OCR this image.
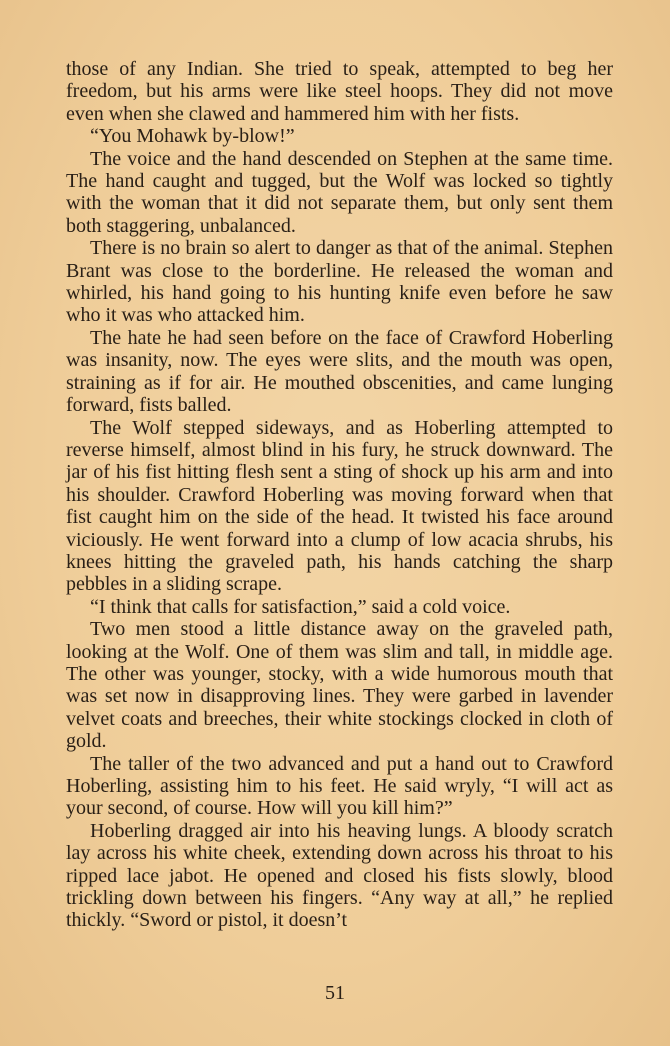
those of any Indian. She tried to speak, attempted to beg her freedom, but his arms were like steel hoops. They did not move even when she clawed and hammered him with her fists.

“You Mohawk by-blow!”

The voice and the hand descended on Stephen at the same time. The hand caught and tugged, but the Wolf was locked so tightly with the woman that it did not separate them, but only sent them both staggering, unbalanced.

There is no brain so alert to danger as that of the animal. Stephen Brant was close to the borderline. He released the woman and whirled, his hand going to his hunting knife even before he saw who it was who attacked him.

The hate he had seen before on the face of Crawford Hoberling was insanity, now. The eyes were slits, and the mouth was open, straining as if for air. He mouthed obscenities, and came lunging forward, fists balled.

The Wolf stepped sideways, and as Hoberling attempted to reverse himself, almost blind in his fury, he struck downward. The jar of his fist hitting flesh sent a sting of shock up his arm and into his shoulder. Crawford Hoberling was moving forward when that fist caught him on the side of the head. It twisted his face around viciously. He went forward into a clump of low acacia shrubs, his knees hitting the graveled path, his hands catching the sharp pebbles in a sliding scrape.

“I think that calls for satisfaction,” said a cold voice.

Two men stood a little distance away on the graveled path, looking at the Wolf. One of them was slim and tall, in middle age. The other was younger, stocky, with a wide humorous mouth that was set now in disapproving lines. They were garbed in lavender velvet coats and breeches, their white stockings clocked in cloth of gold.

The taller of the two advanced and put a hand out to Crawford Hoberling, assisting him to his feet. He said wryly, “I will act as your second, of course. How will you kill him?”

Hoberling dragged air into his heaving lungs. A bloody scratch lay across his white cheek, extending down across his throat to his ripped lace jabot. He opened and closed his fists slowly, blood trickling down between his fingers. “Any way at all,” he replied thickly. “Sword or pistol, it doesn’t

51
